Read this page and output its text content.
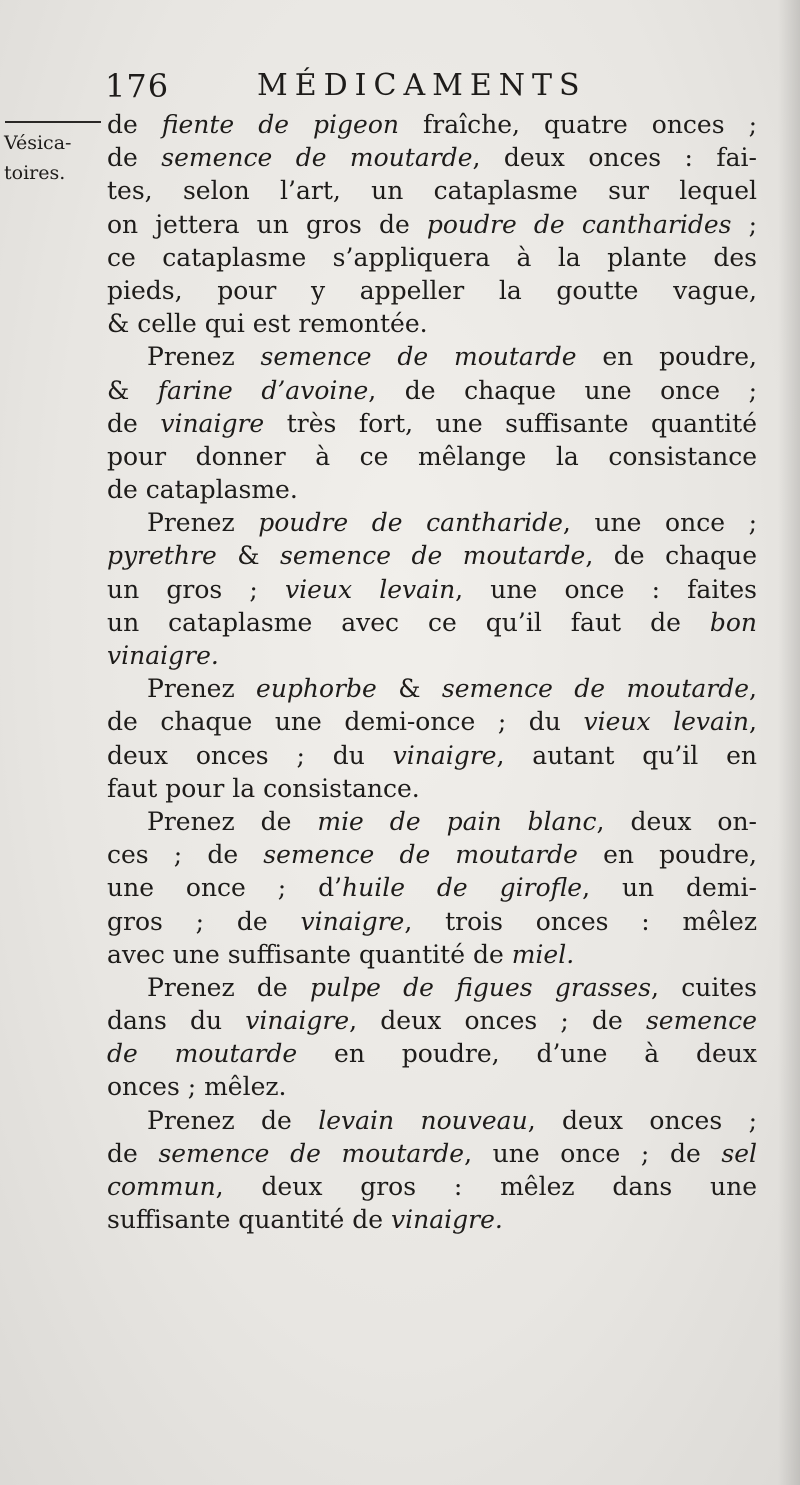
176	MÉDICAMENTS
Vésica-
toires.
de fiente de pigeon fraîche, quatre onces ;
de semence de moutarde, deux onces : fai-
tes, selon l’art, un cataplasme sur lequel
on jettera un gros de poudre de cantharides ;
ce cataplasme s’appliquera à la plante des
pieds, pour y appeller la goutte vague,
& celle qui est remontée.
Prenez semence de moutarde en poudre,
& farine d’avoine, de chaque une once ;
de vinaigre très fort, une suffisante quantité
pour donner à ce mêlange la consistance
de cataplasme.
Prenez poudre de cantharide, une once ;
pyrethre & semence de moutarde, de chaque
un gros ; vieux levain, une once : faites
un cataplasme avec ce qu’il faut de bon
vinaigre.
Prenez euphorbe & semence de moutarde,
de chaque une demi-once ; du vieux levain,
deux onces ; du vinaigre, autant qu’il en
faut pour la consistance.
Prenez de mie de pain blanc, deux on-
ces ; de semence de moutarde en poudre,
une once ; d’huile de girofle, un demi-
gros ; de vinaigre, trois onces : mêlez
avec une suffisante quantité de miel.
Prenez de pulpe de figues grasses, cuites
dans du vinaigre, deux onces ; de semence
de moutarde en poudre, d’une à deux
onces ; mêlez.
Prenez de levain nouveau, deux onces ;
de semence de moutarde, une once ; de sel
commun, deux gros : mêlez dans une
suffisante quantité de vinaigre.
